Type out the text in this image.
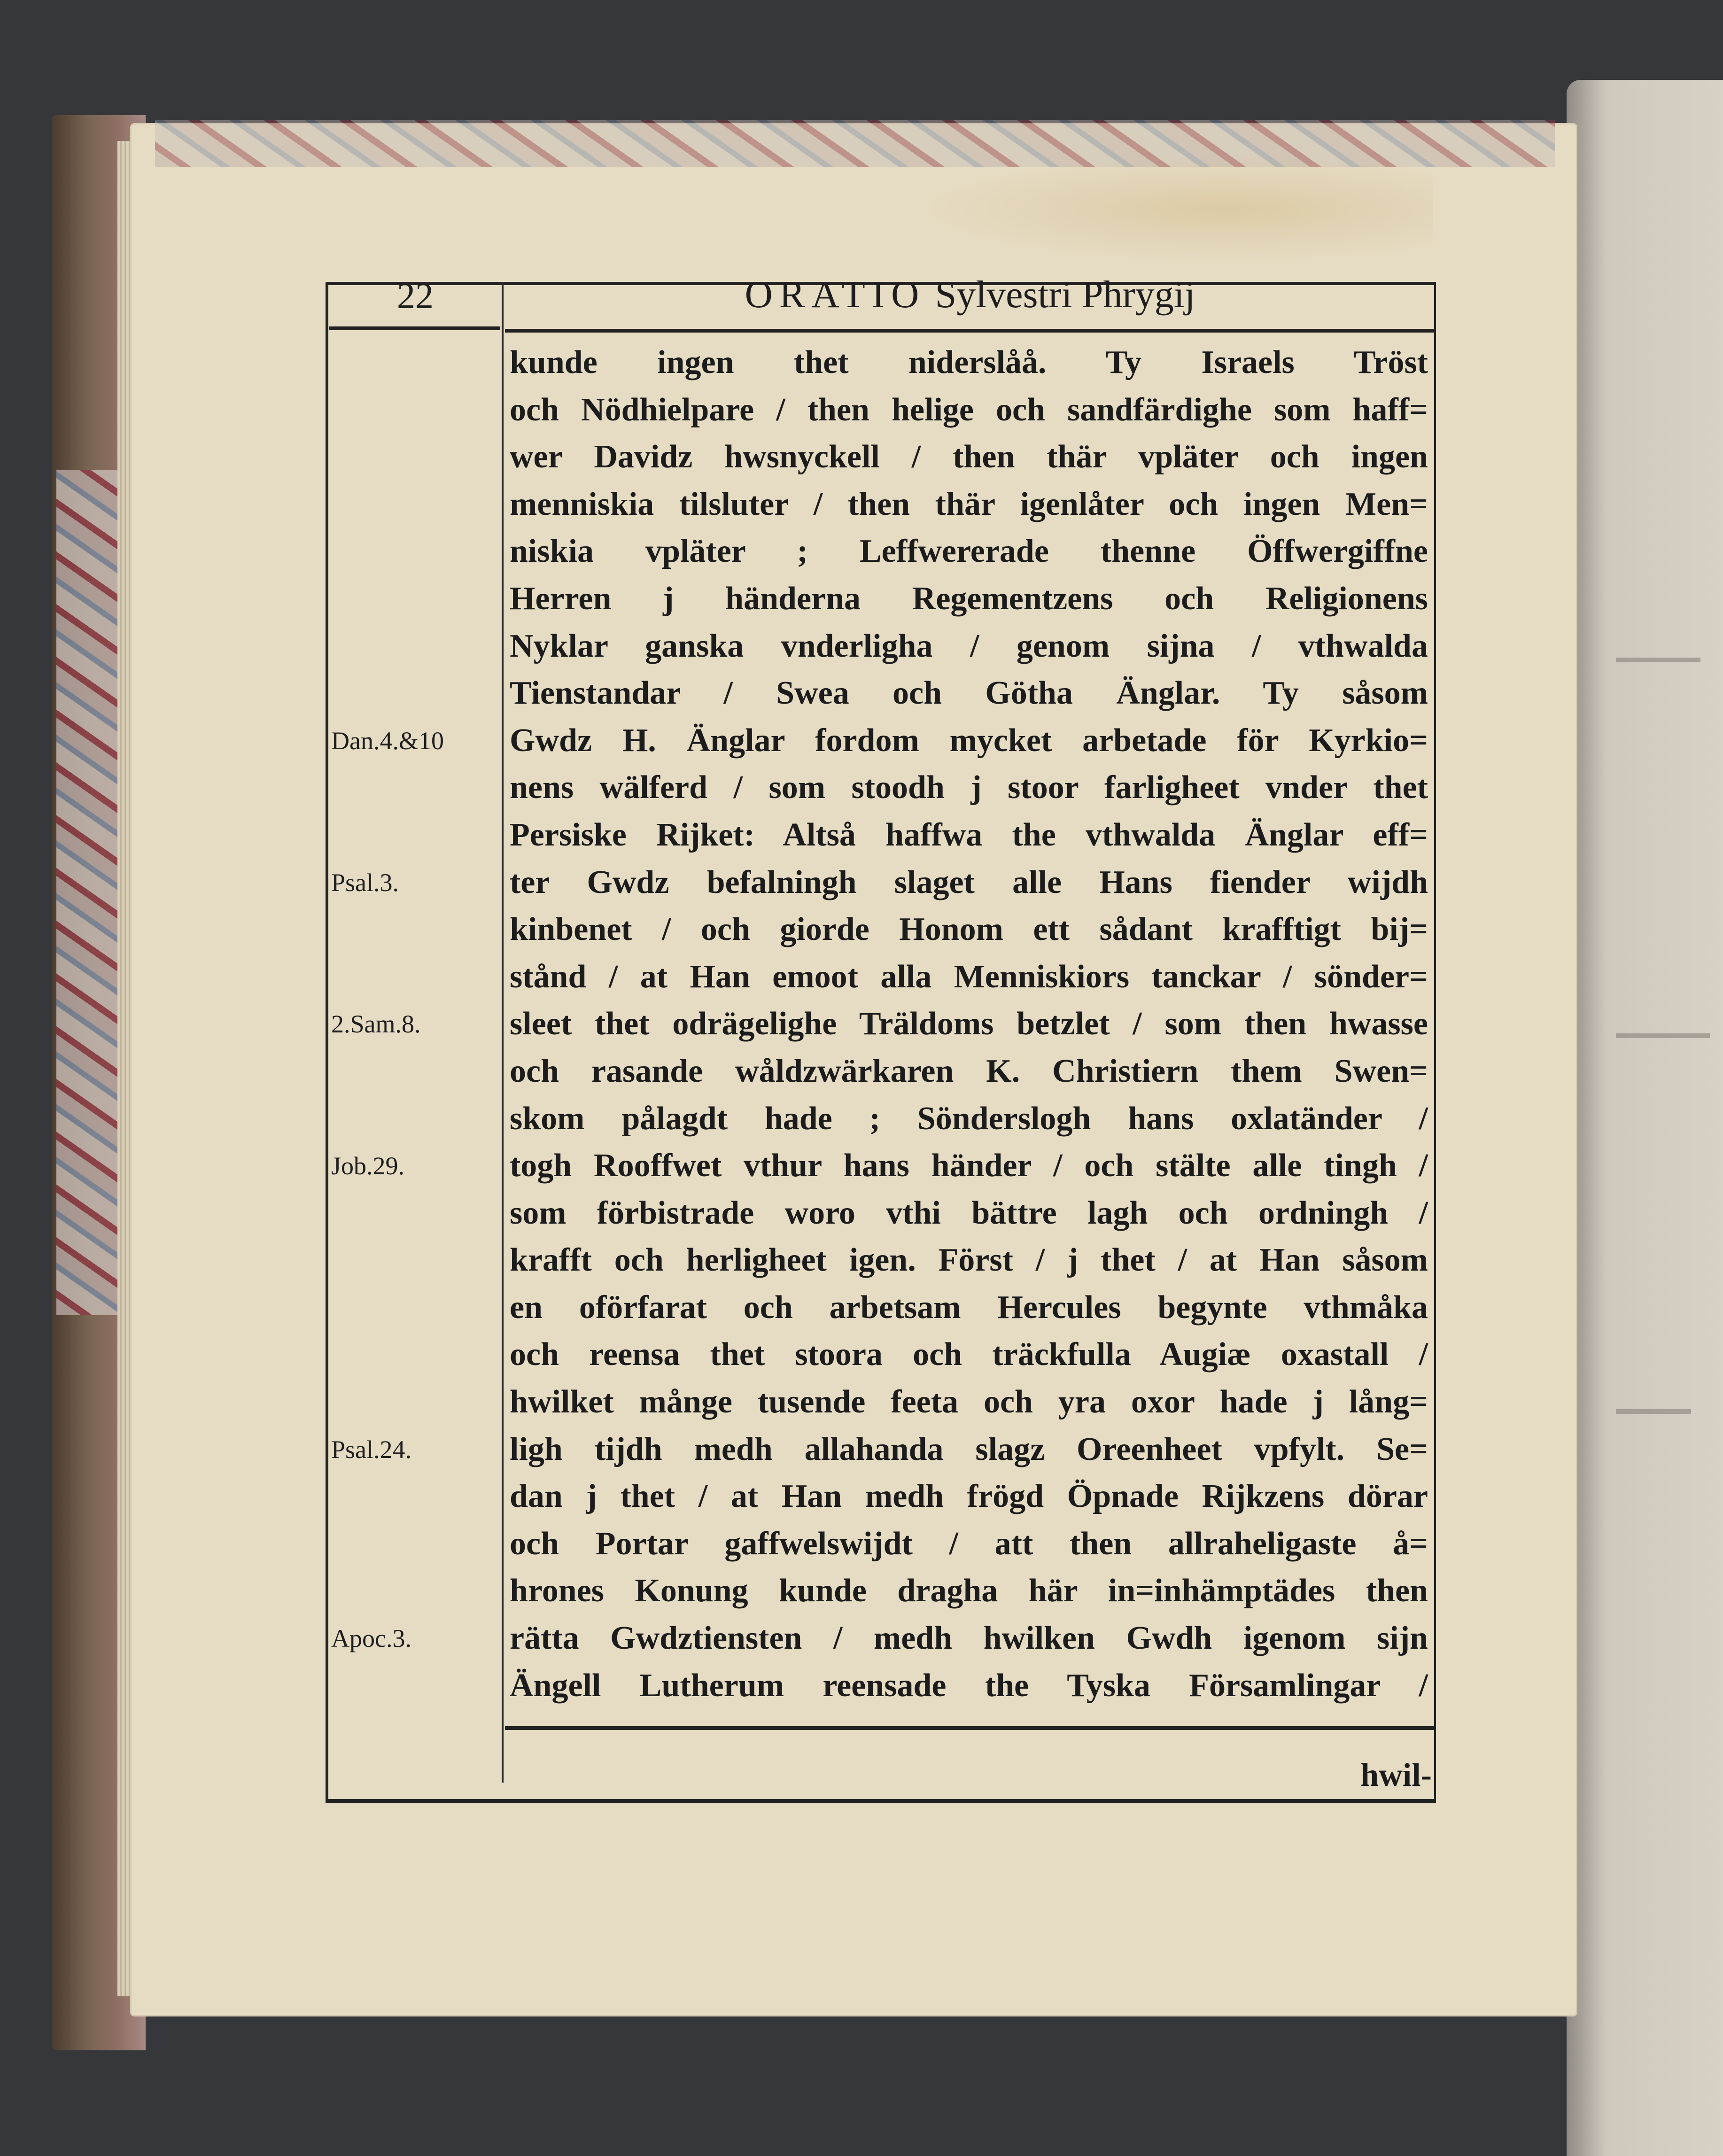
22	ORATIO Sylvestri Phrygij
kunde ingen thet niderslåå. Ty Israels Tröst
och Nödhielpare / then helige och sandfärdighe som haff=
wer Davidz hwsnyckell / then thär vpläter och ingen
menniskia tilsluter / then thär igenlåter och ingen Men=
niskia vpläter ; Leffwererade thenne Öffwergiffne
Herren j händerna Regementzens och Religionens
Nyklar ganska vnderligha / genom sijna / vthwalda
Tienstandar / Swea och Götha Änglar. Ty såsom
Gwdz H. Änglar fordom mycket arbetade för Kyrkio=
nens wälferd / som stoodh j stoor farligheet vnder thet
Persiske Rijket: Altså haffwa the vthwalda Änglar eff=
ter Gwdz befalningh slaget alle Hans fiender wijdh
kinbenet / och giorde Honom ett sådant krafftigt bij=
stånd / at Han emoot alla Menniskiors tanckar / sönder=
sleet thet odrägelighe Träldoms betzlet / som then hwasse
och rasande wåldzwärkaren K. Christiern them Swen=
skom pålagdt hade ; Sönderslogh hans oxlatänder /
togh Rooffwet vthur hans händer / och stälte alle tingh /
som förbistrade woro vthi bättre lagh och ordningh /
krafft och herligheet igen. Först / j thet / at Han såsom
en oförfarat och arbetsam Hercules begynte vthmåka
och reensa thet stoora och träckfulla Augiæ oxastall /
hwilket månge tusende feeta och yra oxor hade j lång=
ligh tijdh medh allahanda slagz Oreenheet vpfylt. Se=
dan j thet / at Han medh frögd Öpnade Rijkzens dörar
och Portar gaffwelswijdt / att then allraheligaste å=
hrones Konung kunde dragha här in=inhämptädes then
rätta Gwdztiensten / medh hwilken Gwdh igenom sijn
Ängell Lutherum reensade the Tyska Församlingar /
Dan.4.&10
Psal.3.
2.Sam.8.
Job.29.
Psal.24.
Apoc.3.
hwil-
